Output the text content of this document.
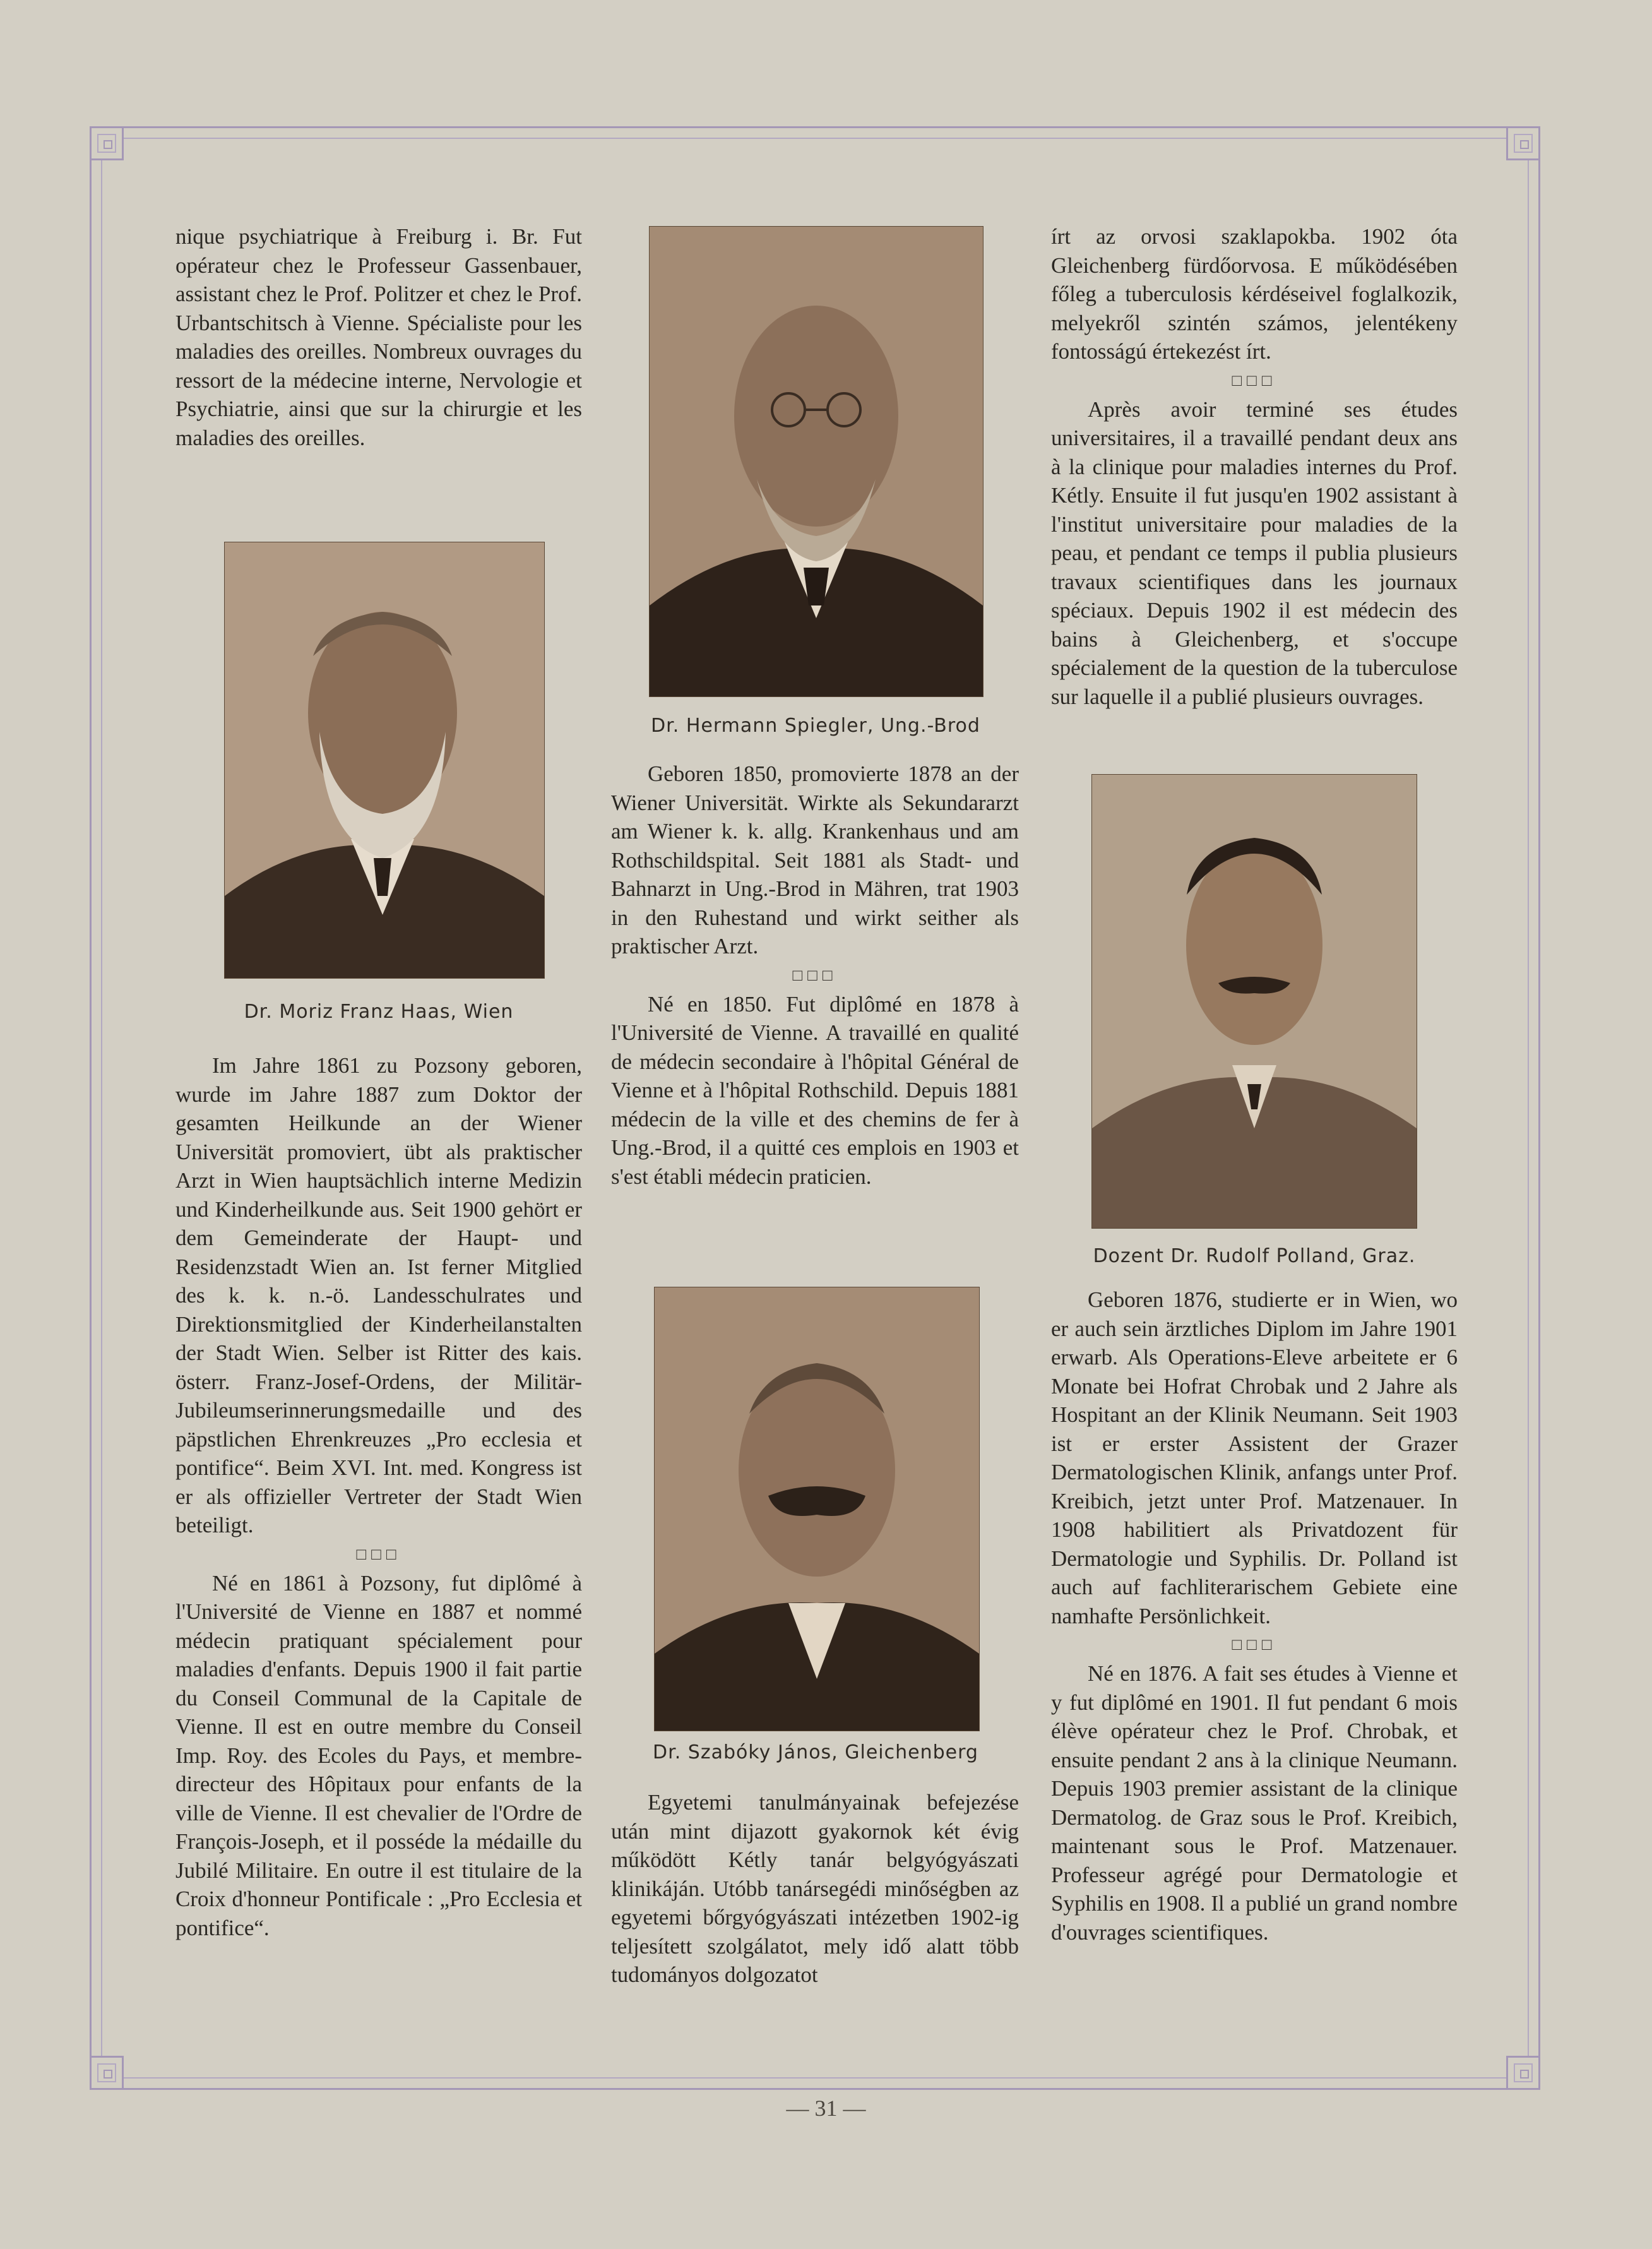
nique psychiatrique à Freiburg i. Br. Fut opérateur chez le Professeur Gassenbauer, assistant chez le Prof. Politzer et chez le Prof. Urbantschitsch à Vienne. Spécialiste pour les maladies des oreilles. Nombreux ouvrages du ressort de la médecine interne, Nervologie et Psychiatrie, ainsi que sur la chirurgie et les maladies des oreilles.

Dr. Moriz Franz Haas, Wien

Im Jahre 1861 zu Pozsony geboren, wurde im Jahre 1887 zum Doktor der gesamten Heilkunde an der Wiener Universität promoviert, übt als praktischer Arzt in Wien hauptsächlich interne Medizin und Kinderheilkunde aus. Seit 1900 gehört er dem Gemeinderate der Haupt- und Residenzstadt Wien an. Ist ferner Mitglied des k. k. n.-ö. Landesschulrates und Direktionsmitglied der Kinderheilanstalten der Stadt Wien. Selber ist Ritter des kais. österr. Franz-Josef-Ordens, der Militär-Jubileumserinnerungsmedaille und des päpstlichen Ehrenkreuzes „Pro ecclesia et pontifice“. Beim XVI. Int. med. Kongress ist er als offizieller Vertreter der Stadt Wien beteiligt.

□□□

Né en 1861 à Pozsony, fut diplômé à l'Université de Vienne en 1887 et nommé médecin pratiquant spécialement pour maladies d'enfants. Depuis 1900 il fait partie du Conseil Communal de la Capitale de Vienne. Il est en outre membre du Conseil Imp. Roy. des Ecoles du Pays, et membre-directeur des Hôpitaux pour enfants de la ville de Vienne. Il est chevalier de l'Ordre de François-Joseph, et il posséde la médaille du Jubilé Militaire. En outre il est titulaire de la Croix d'honneur Pontificale : „Pro Ecclesia et pontifice“.

Dr. Hermann Spiegler, Ung.-Brod

Geboren 1850, promovierte 1878 an der Wiener Universität. Wirkte als Sekundararzt am Wiener k. k. allg. Krankenhaus und am Rothschildspital. Seit 1881 als Stadt- und Bahnarzt in Ung.-Brod in Mähren, trat 1903 in den Ruhestand und wirkt seither als praktischer Arzt.

□□□

Né en 1850. Fut diplômé en 1878 à l'Université de Vienne. A travaillé en qualité de médecin secondaire à l'hôpital Général de Vienne et à l'hôpital Rothschild. Depuis 1881 médecin de la ville et des chemins de fer à Ung.-Brod, il a quitté ces emplois en 1903 et s'est établi médecin praticien.

Dr. Szabóky János, Gleichenberg

Egyetemi tanulmányainak befejezése után mint dijazott gyakornok két évig működött Kétly tanár belgyógyászati klinikáján. Utóbb tanársegédi minőségben az egyetemi bőrgyógyászati intézetben 1902-ig teljesített szolgálatot, mely idő alatt több tudományos dolgozatot

írt az orvosi szaklapokba. 1902 óta Gleichenberg fürdőorvosa. E működésében főleg a tuberculosis kérdéseivel foglalkozik, melyekről szintén számos, jelentékeny fontosságú értekezést írt.

□□□

Après avoir terminé ses études universitaires, il a travaillé pendant deux ans à la clinique pour maladies internes du Prof. Kétly. Ensuite il fut jusqu'en 1902 assistant à l'institut universitaire pour maladies de la peau, et pendant ce temps il publia plusieurs travaux scientifiques dans les journaux spéciaux. Depuis 1902 il est médecin des bains à Gleichenberg, et s'occupe spécialement de la question de la tuberculose sur laquelle il a publié plusieurs ouvrages.

Dozent Dr. Rudolf Polland, Graz.

Geboren 1876, studierte er in Wien, wo er auch sein ärztliches Diplom im Jahre 1901 erwarb. Als Operations-Eleve arbeitete er 6 Monate bei Hofrat Chrobak und 2 Jahre als Hospitant an der Klinik Neumann. Seit 1903 ist er erster Assistent der Grazer Dermatologischen Klinik, anfangs unter Prof. Kreibich, jetzt unter Prof. Matzenauer. In 1908 habilitiert als Privatdozent für Dermatologie und Syphilis. Dr. Polland ist auch auf fachliterarischem Gebiete eine namhafte Persönlichkeit.

□□□

Né en 1876. A fait ses études à Vienne et y fut diplômé en 1901. Il fut pendant 6 mois élève opérateur chez le Prof. Chrobak, et ensuite pendant 2 ans à la clinique Neumann. Depuis 1903 premier assistant de la clinique Dermatolog. de Graz sous le Prof. Kreibich, maintenant sous le Prof. Matzenauer. Professeur agrégé pour Dermatologie et Syphilis en 1908. Il a publié un grand nombre d'ouvrages scientifiques.

— 31 —
